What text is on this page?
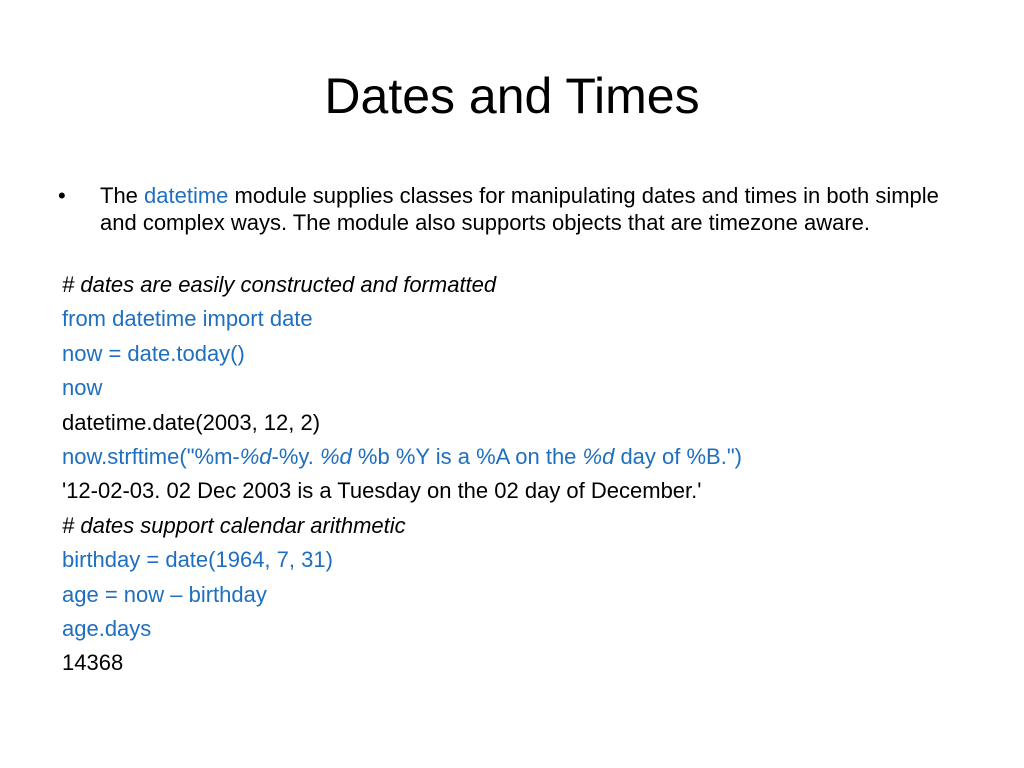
Dates and Times
•	The datetime module supplies classes for manipulating dates and times in both simple and complex ways. The module also supports objects that are timezone aware.
# dates are easily constructed and formatted
from datetime import date
now = date.today()
now
datetime.date(2003, 12, 2)
now.strftime("%m-%d-%y. %d %b %Y is a %A on the %d day of %B.")
'12-02-03. 02 Dec 2003 is a Tuesday on the 02 day of December.'
# dates support calendar arithmetic
birthday = date(1964, 7, 31)
age = now – birthday
age.days
14368
